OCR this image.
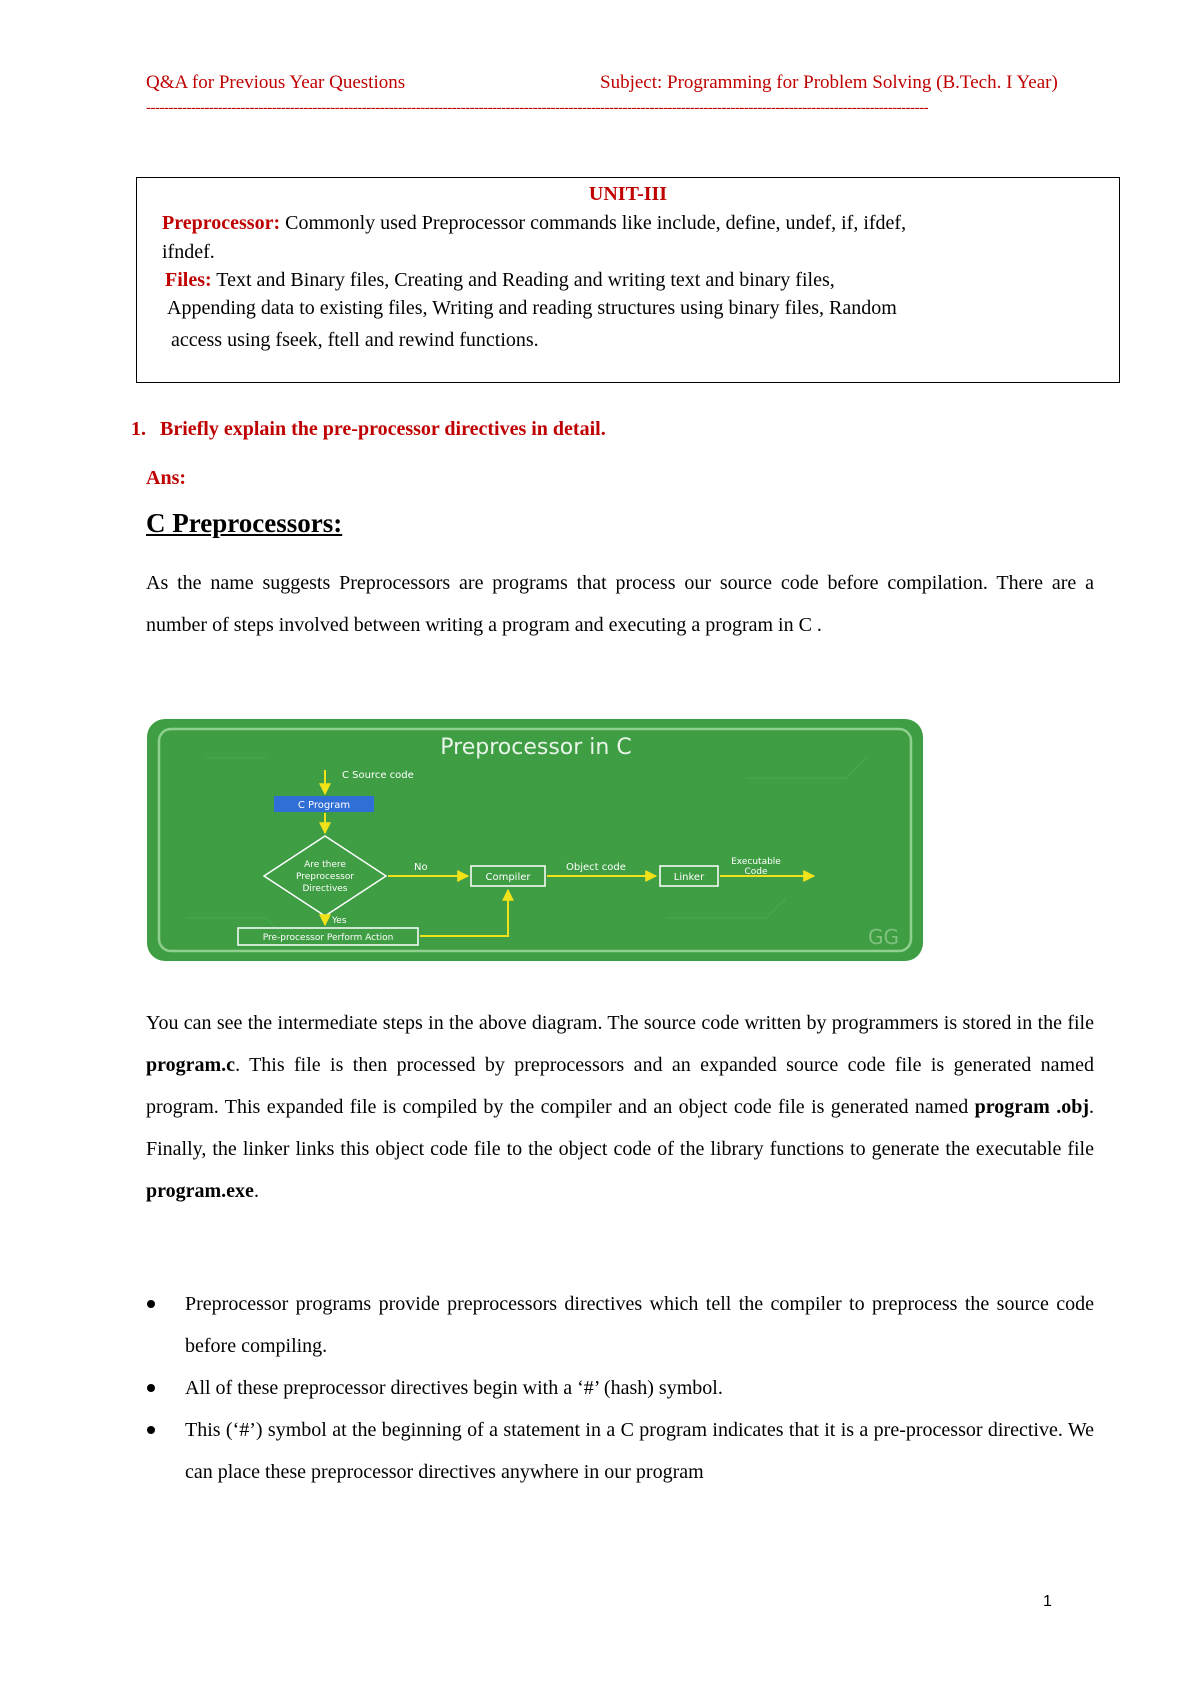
Q&A for Previous Year Questions	Subject: Programming for Problem Solving (B.Tech. I Year)
------------------------------------------------------------------------------------------------------------------------------------------------------------------------------
UNIT-III
Preprocessor: Commonly used Preprocessor commands like include, define, undef, if, ifdef,
ifndef.
Files: Text and Binary files, Creating and Reading and writing text and binary files,
Appending data to existing files, Writing and reading structures using binary files, Random
access using fseek, ftell and rewind functions.
1. Briefly explain the pre-processor directives in detail.
Ans:
C Preprocessors:
As the name suggests Preprocessors are programs that process our source code before compilation. There are a number of steps involved between writing a program and executing a program in C .
Preprocessor in C
C Source code
C Program
Are there
Preprocessor
Directives
No
Compiler
Object code
Linker
Executable
Code
Yes
Pre-processor Perform Action	GG
You can see the intermediate steps in the above diagram. The source code written by programmers is stored in the file program.c. This file is then processed by preprocessors and an expanded source code file is generated named program. This expanded file is compiled by the compiler and an object code file is generated named program .obj. Finally, the linker links this object code file to the object code of the library functions to generate the executable file program.exe.
Preprocessor programs provide preprocessors directives which tell the compiler to preprocess the source code before compiling.
All of these preprocessor directives begin with a ‘#’ (hash) symbol.
This (‘#’) symbol at the beginning of a statement in a C program indicates that it is a pre-processor directive. We can place these preprocessor directives anywhere in our program
1
